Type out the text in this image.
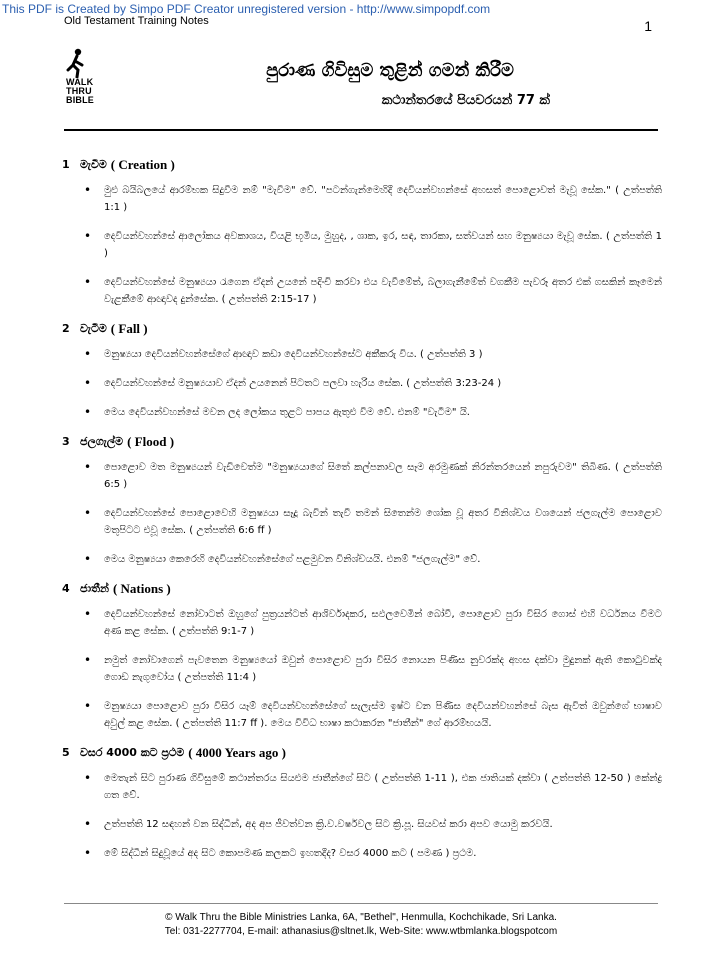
This PDF is Created by Simpo PDF Creator unregistered version - http://www.simpopdf.com
Old Testament Training Notes	1
WALK
THRU
BIBLE
පුරාණ ගිවිසුම තුළින් ගමන් කිරීම
කථාන්තරයේ පියවරයන් 77 ක්
1 මැවීම ( Creation )
• මුළු බයිබලයේ ආරම්භක සිදුවීම නම් "මැවීම" වේ. "පටන්ගැන්මෙහිදී දෙවියන්වහන්සේ අහසත් පොළොවත් මැවූ සේක." ( උත්පත්ති 1:1 )
• දෙවියන්වහන්සේ ආලෝකය අවකාශය, වියළි භූමිය, මුහුද, , ශාක, ඉර, සඳ, තාරකා, සත්වයන් සහ මනුෂ්‍යයා මැවූ සේක. ( උත්පත්ති 1 )
• දෙවියන්වහන්සේ මනුෂ්‍යයා රැගෙන ඒදන් උයනේ පදිංචි කරවා එය වැවීමේත්, බලාගැනීමේත් වගකීම පැවරූ අතර එක් ගසකින් කෑමෙන් වැළකීමේ ආඥාවද දුන්සේක. ( උත්පත්ති 2:15-17 )
2 වැටීම ( Fall )
• මනුෂ්‍යයා දෙවියන්වහන්සේගේ ආඥාව කඩා දෙවියන්වහන්සේට අකීකරු විය. ( උත්පත්ති 3 )
• දෙවියන්වහන්සේ මනුෂ්‍යයාව ඒදන් උයනෙන් පිටතට පලවා හැරිය සේක. ( උත්පත්ති 3:23-24 )
• මෙය දෙවියන්වහන්සේ මවන ලද ලෝකය තුළට පාපය ඇතුළු වීම වේ. එනම් "වැටීම" යි.
3 ජලගැල්ම ( Flood )
• පොළොව මත මනුෂ්‍යයන් වැඩිවෙත්ම "මනුෂ්‍යයාගේ සිතේ කල්පනාවල සෑම අරමුණක් නිරන්තරයෙන් නපුරුවම" තිබිණ. ( උත්පත්ති 6:5 )
• දෙවියන්වහන්සේ පොළොවෙහි මනුෂ්‍යයා සෑදූ බැවින් තැවී තමන් සිතෙන්ම ශෝක වූ අතර විනිශ්චය වශයෙන් ජලගැල්ම පොළොව මතුපිටට එවූ සේක. ( උත්පත්ති 6:6 ff )
• මෙය මනුෂ්‍යයා කෙරෙහි දෙවියන්වහන්සේගේ පළමුවන විනිශ්චයයි. එනම් "ජලගැල්ම" වේ.
4 ජාතීන් ( Nations )
• දෙවියන්වහන්සේ නෝවාටත් ඔහුගේ පුත්‍රයන්ටත් ආශිර්වාදකර, සඵලවෙමින් බෝවී, පොළොව පුරා විසිර ගොස් එහි වර්ධනය වීමට අණ කළ සේක. ( උත්පත්ති 9:1-7 )
• නමුත් නෝවාගෙන් පැවතෙන මනුෂ්‍යයෝ ඔවුන් පොළොව පුරා විසිර නොයන පිණිස නුවරක්ද අහස දක්වා මුදුනක් ඇති කොටුවක්ද ගොඩ නැගුවෝය ( උත්පත්ති 11:4 )
• මනුෂ්‍යයා පොළොව පුරා විසිර යෑම් දෙවියන්වහන්සේගේ සැලැස්ම ඉෂ්ට වන පිණිස දෙවියන්වහන්සේ බැස ඇවිත් ඔවුන්ගේ භාෂාව අවුල් කළ සේක. ( උත්පත්ති 11:7 ff ). මෙය විවිධ භාෂා කථාකරන "ජාතීන්" ගේ ආරම්භයයි.
5 වසර 4000 කට ප්‍රථම ( 4000 Years ago )
• මෙතැන් සිට පුරාණ ගිවිසුමේ කථාන්තරය සියළුම ජාතීන්ගේ සිට ( උත්පත්ති 1-11 ), එක ජාතියක් දක්වා ( උත්පත්ති 12-50 ) කේන්ද්‍ර ගත වේ.
• උත්පත්ති 12 සඳහන් වන සිද්ධීන්, අද අප ජීවත්වන ක්‍රි.ව.වර්ෂවල සිට ක්‍රි.පූ. සියවස් කරා අපව යොමු කරවයි.
• මේ සිද්ධීන් සිදුවූයේ අද සිට කොපමණ කලකට ඉහතදීද? වසර 4000 කට ( පමණ ) ප්‍රථම.
© Walk Thru the Bible Ministries Lanka, 6A, "Bethel", Henmulla, Kochchikade, Sri Lanka.
Tel: 031-2277704, E-mail: athanasius@sltnet.lk, Web-Site: www.wtbmlanka.blogspotcom
